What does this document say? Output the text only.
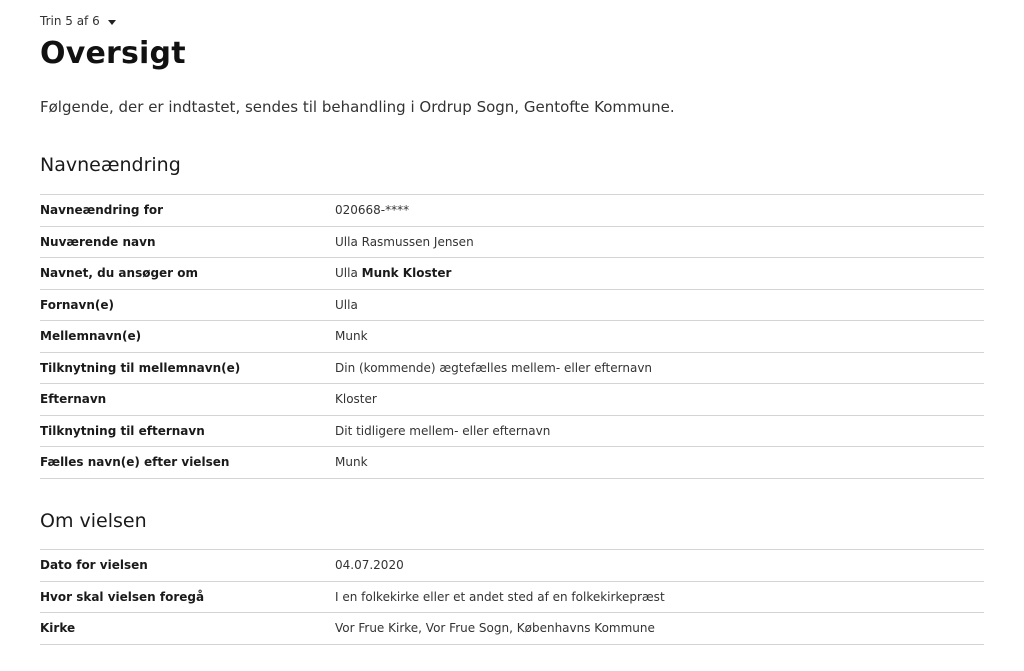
Trin 5 af 6
Oversigt

Følgende, der er indtastet, sendes til behandling i Ordrup Sogn, Gentofte Kommune.

Navneændring
Navneændring for	020668-****
Nuværende navn	Ulla Rasmussen Jensen
Navnet, du ansøger om	Ulla Munk Kloster
Fornavn(e)	Ulla
Mellemnavn(e)	Munk
Tilknytning til mellemnavn(e)	Din (kommende) ægtefælles mellem- eller efternavn
Efternavn	Kloster
Tilknytning til efternavn	Dit tidligere mellem- eller efternavn
Fælles navn(e) efter vielsen	Munk
Om vielsen
Dato for vielsen	04.07.2020
Hvor skal vielsen foregå	I en folkekirke eller et andet sted af en folkekirkepræst
Kirke	Vor Frue Kirke, Vor Frue Sogn, Københavns Kommune
